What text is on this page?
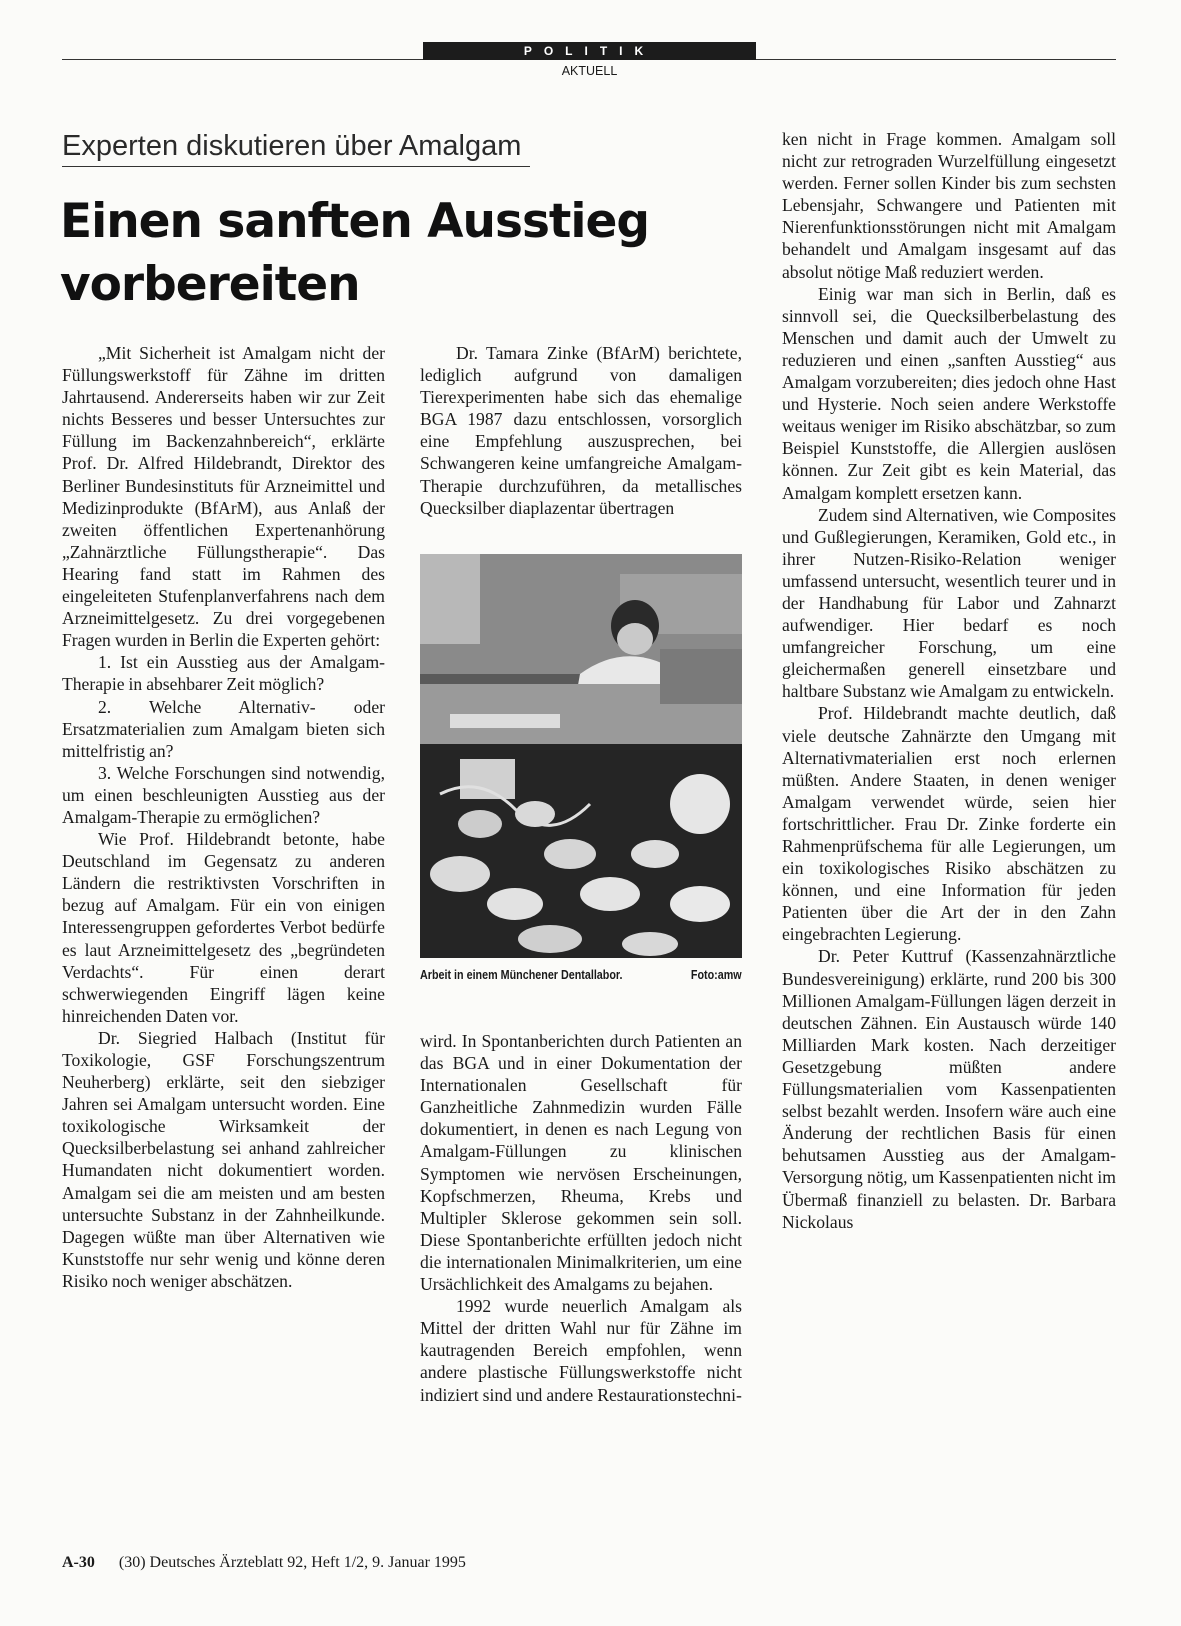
POLITIK
AKTUELL
Experten diskutieren über Amalgam
Einen sanften Ausstieg
vorbereiten

„Mit Sicherheit ist Amalgam nicht der Füllungswerkstoff für Zähne im dritten Jahrtausend. Andererseits haben wir zur Zeit nichts Besseres und besser Untersuchtes zur Füllung im Backenzahnbereich“, erklärte Prof. Dr. Alfred Hildebrandt, Direktor des Berliner Bundesinstituts für Arzneimittel und Medizinprodukte (BfArM), aus Anlaß der zweiten öffentlichen Expertenanhörung „Zahnärztliche Füllungstherapie“. Das Hearing fand statt im Rahmen des eingeleiteten Stufenplanverfahrens nach dem Arzneimittelgesetz. Zu drei vorgegebenen Fragen wurden in Berlin die Experten gehört:

1. Ist ein Ausstieg aus der Amalgam-Therapie in absehbarer Zeit möglich?

2. Welche Alternativ- oder Ersatzmaterialien zum Amalgam bieten sich mittelfristig an?

3. Welche Forschungen sind notwendig, um einen beschleunigten Ausstieg aus der Amalgam-Therapie zu ermöglichen?

Wie Prof. Hildebrandt betonte, habe Deutschland im Gegensatz zu anderen Ländern die restriktivsten Vorschriften in bezug auf Amalgam. Für ein von einigen Interessengruppen gefordertes Verbot bedürfe es laut Arzneimittelgesetz des „begründeten Verdachts“. Für einen derart schwerwiegenden Eingriff lägen keine hinreichenden Daten vor.

Dr. Siegried Halbach (Institut für Toxikologie, GSF Forschungszentrum Neuherberg) erklärte, seit den siebziger Jahren sei Amalgam untersucht worden. Eine toxikologische Wirksamkeit der Quecksilberbelastung sei anhand zahlreicher Humandaten nicht dokumentiert worden. Amalgam sei die am meisten und am besten untersuchte Substanz in der Zahnheilkunde. Dagegen wüßte man über Alternativen wie Kunststoffe nur sehr wenig und könne deren Risiko noch weniger abschätzen.

Dr. Tamara Zinke (BfArM) berichtete, lediglich aufgrund von damaligen Tierexperimenten habe sich das ehemalige BGA 1987 dazu entschlossen, vorsorglich eine Empfehlung auszusprechen, bei Schwangeren keine umfangreiche Amalgam-Therapie durchzuführen, da metallisches Quecksilber diaplazentar übertragen

Arbeit in einem Münchener Dentallabor.	Foto:amw

wird. In Spontanberichten durch Patienten an das BGA und in einer Dokumentation der Internationalen Gesellschaft für Ganzheitliche Zahnmedizin wurden Fälle dokumentiert, in denen es nach Legung von Amalgam-Füllungen zu klinischen Symptomen wie nervösen Erscheinungen, Kopfschmerzen, Rheuma, Krebs und Multipler Sklerose gekommen sein soll. Diese Spontanberichte erfüllten jedoch nicht die internationalen Minimalkriterien, um eine Ursächlichkeit des Amalgams zu bejahen.

1992 wurde neuerlich Amalgam als Mittel der dritten Wahl nur für Zähne im kautragenden Bereich empfohlen, wenn andere plastische Füllungswerkstoffe nicht indiziert sind und andere Restaurationstechni-

ken nicht in Frage kommen. Amalgam soll nicht zur retrograden Wurzelfüllung eingesetzt werden. Ferner sollen Kinder bis zum sechsten Lebensjahr, Schwangere und Patienten mit Nierenfunktionsstörungen nicht mit Amalgam behandelt und Amalgam insgesamt auf das absolut nötige Maß reduziert werden.

Einig war man sich in Berlin, daß es sinnvoll sei, die Quecksilberbelastung des Menschen und damit auch der Umwelt zu reduzieren und einen „sanften Ausstieg“ aus Amalgam vorzubereiten; dies jedoch ohne Hast und Hysterie. Noch seien andere Werkstoffe weitaus weniger im Risiko abschätzbar, so zum Beispiel Kunststoffe, die Allergien auslösen können. Zur Zeit gibt es kein Material, das Amalgam komplett ersetzen kann.

Zudem sind Alternativen, wie Composites und Gußlegierungen, Keramiken, Gold etc., in ihrer Nutzen-Risiko-Relation weniger umfassend untersucht, wesentlich teurer und in der Handhabung für Labor und Zahnarzt aufwendiger. Hier bedarf es noch umfangreicher Forschung, um eine gleichermaßen generell einsetzbare und haltbare Substanz wie Amalgam zu entwickeln.

Prof. Hildebrandt machte deutlich, daß viele deutsche Zahnärzte den Umgang mit Alternativmaterialien erst noch erlernen müßten. Andere Staaten, in denen weniger Amalgam verwendet würde, seien hier fortschrittlicher. Frau Dr. Zinke forderte ein Rahmenprüfschema für alle Legierungen, um ein toxikologisches Risiko abschätzen zu können, und eine Information für jeden Patienten über die Art der in den Zahn eingebrachten Legierung.

Dr. Peter Kuttruf (Kassenzahnärztliche Bundesvereinigung) erklärte, rund 200 bis 300 Millionen Amalgam-Füllungen lägen derzeit in deutschen Zähnen. Ein Austausch würde 140 Milliarden Mark kosten. Nach derzeitiger Gesetzgebung müßten andere Füllungsmaterialien vom Kassenpatienten selbst bezahlt werden. Insofern wäre auch eine Änderung der rechtlichen Basis für einen behutsamen Ausstieg aus der Amalgam-Versorgung nötig, um Kassenpatienten nicht im Übermaß finanziell zu belasten. Dr. Barbara Nickolaus

A-30 (30) Deutsches Ärzteblatt 92, Heft 1/2, 9. Januar 1995
